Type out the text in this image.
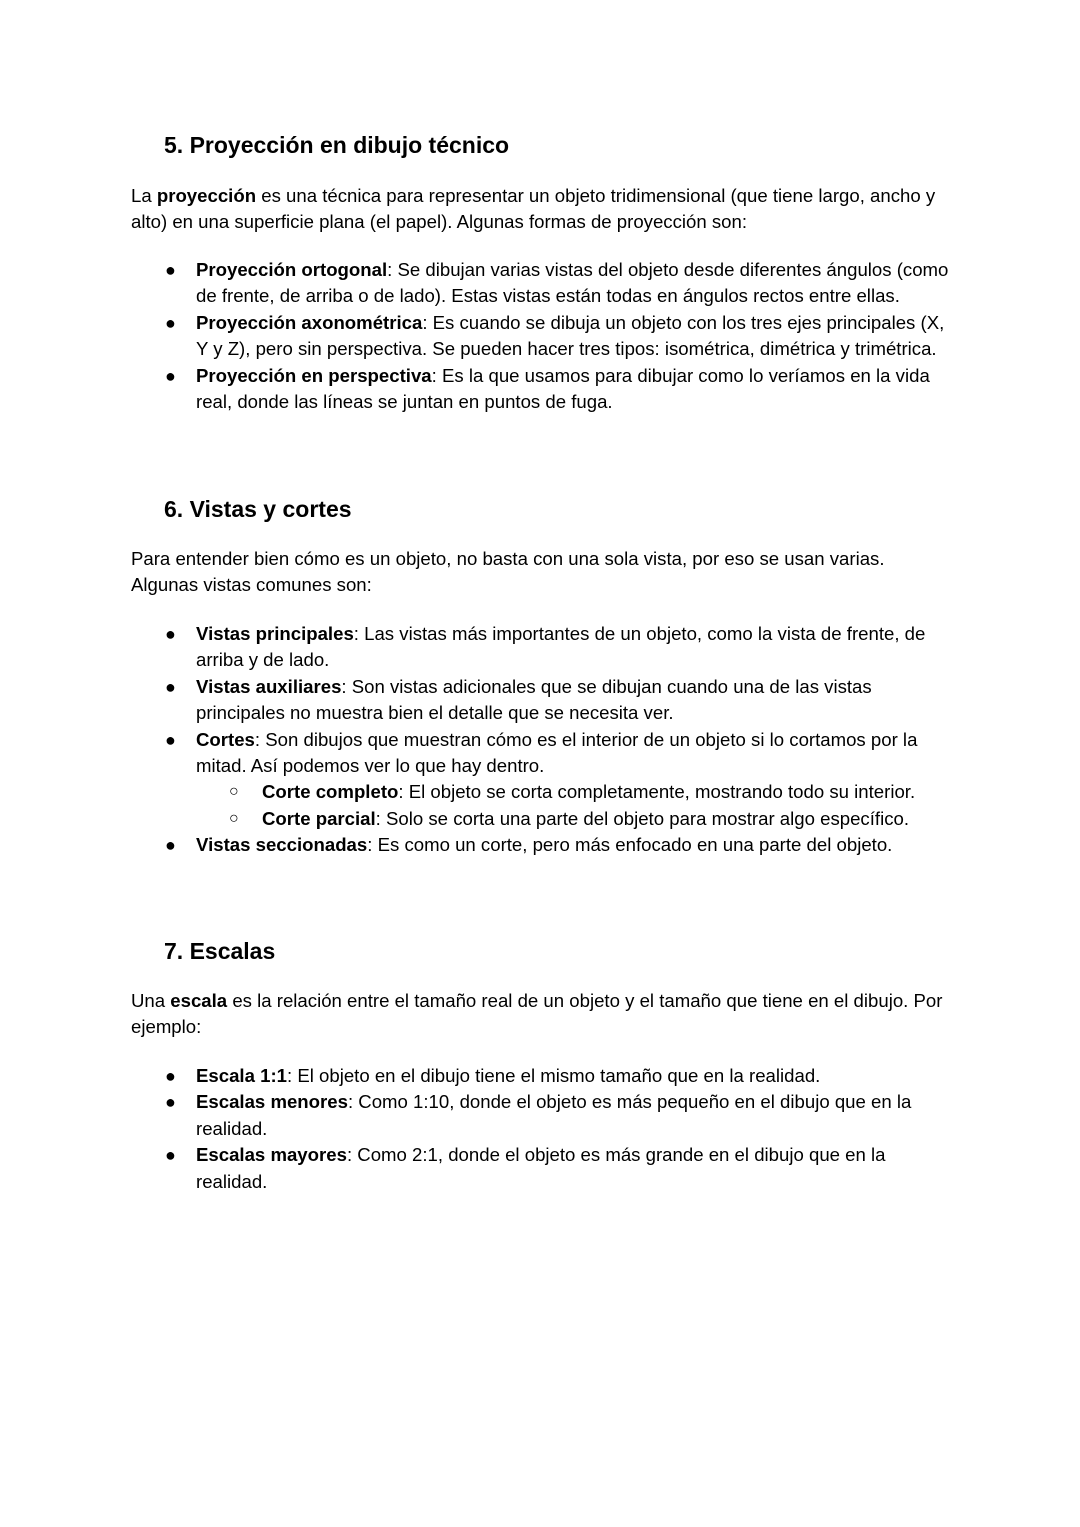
5. Proyección en dibujo técnico

La proyección es una técnica para representar un objeto tridimensional (que tiene largo, ancho y alto) en una superficie plana (el papel). Algunas formas de proyección son:

● Proyección ortogonal: Se dibujan varias vistas del objeto desde diferentes ángulos (como de frente, de arriba o de lado). Estas vistas están todas en ángulos rectos entre ellas.
● Proyección axonométrica: Es cuando se dibuja un objeto con los tres ejes principales (X, Y y Z), pero sin perspectiva. Se pueden hacer tres tipos: isométrica, dimétrica y trimétrica.
● Proyección en perspectiva: Es la que usamos para dibujar como lo veríamos en la vida real, donde las líneas se juntan en puntos de fuga.
6. Vistas y cortes

Para entender bien cómo es un objeto, no basta con una sola vista, por eso se usan varias. Algunas vistas comunes son:

● Vistas principales: Las vistas más importantes de un objeto, como la vista de frente, de arriba y de lado.
● Vistas auxiliares: Son vistas adicionales que se dibujan cuando una de las vistas principales no muestra bien el detalle que se necesita ver.
● Cortes: Son dibujos que muestran cómo es el interior de un objeto si lo cortamos por la mitad. Así podemos ver lo que hay dentro.
○ Corte completo: El objeto se corta completamente, mostrando todo su interior.
○ Corte parcial: Solo se corta una parte del objeto para mostrar algo específico.
● Vistas seccionadas: Es como un corte, pero más enfocado en una parte del objeto.
7. Escalas

Una escala es la relación entre el tamaño real de un objeto y el tamaño que tiene en el dibujo. Por ejemplo:

● Escala 1:1: El objeto en el dibujo tiene el mismo tamaño que en la realidad.
● Escalas menores: Como 1:10, donde el objeto es más pequeño en el dibujo que en la realidad.
● Escalas mayores: Como 2:1, donde el objeto es más grande en el dibujo que en la realidad.
